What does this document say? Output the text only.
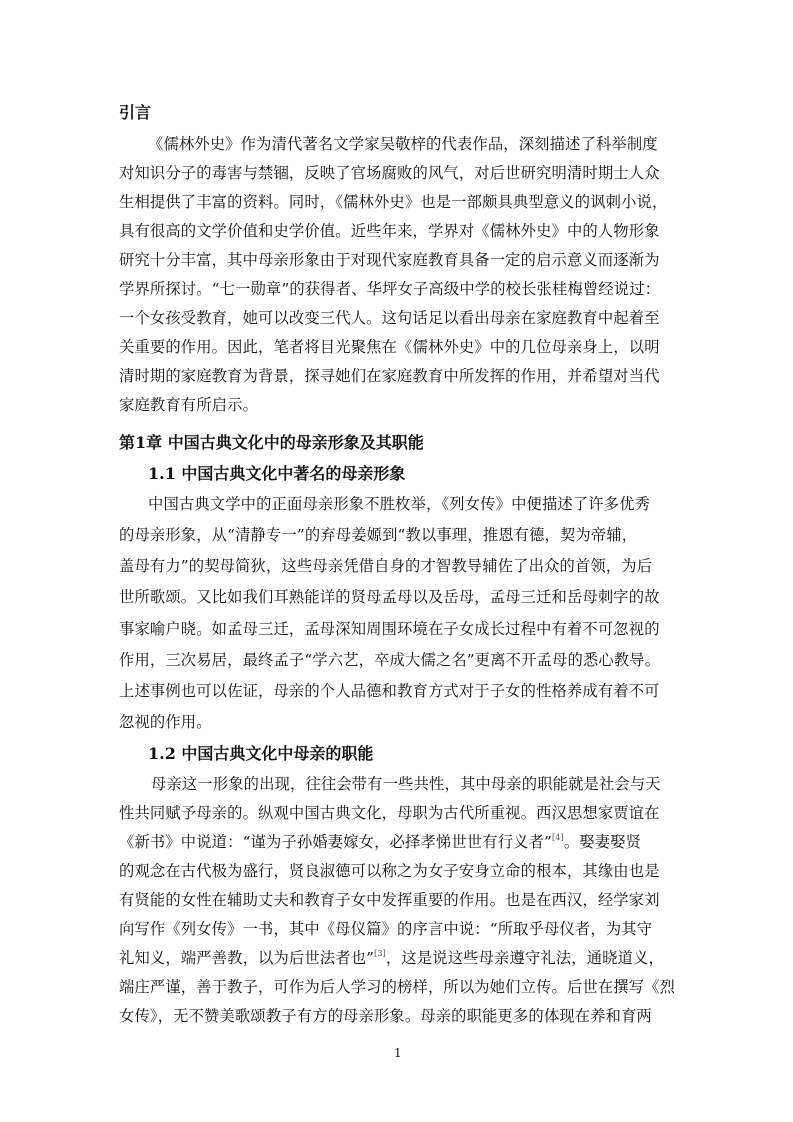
引言
《儒林外史》作为清代著名文学家吴敬梓的代表作品，深刻描述了科举制度
对知识分子的毒害与禁锢，反映了官场腐败的风气，对后世研究明清时期士人众
生相提供了丰富的资料。同时，《儒林外史》也是一部颇具典型意义的讽刺小说，
具有很高的文学价值和史学价值。近些年来，学界对《儒林外史》中的人物形象
研究十分丰富，其中母亲形象由于对现代家庭教育具备一定的启示意义而逐渐为
学界所探讨。“七一勋章”的获得者、华坪女子高级中学的校长张桂梅曾经说过：
一个女孩受教育，她可以改变三代人。这句话足以看出母亲在家庭教育中起着至
关重要的作用。因此，笔者将目光聚焦在《儒林外史》中的几位母亲身上，以明
清时期的家庭教育为背景，探寻她们在家庭教育中所发挥的作用，并希望对当代
家庭教育有所启示。
第1章 中国古典文化中的母亲形象及其职能
1.1 中国古典文化中著名的母亲形象
中国古典文学中的正面母亲形象不胜枚举，《列女传》中便描述了许多优秀
的母亲形象，从“清静专一”的弃母姜嫄到“教以事理，推恩有德，契为帝辅，
盖母有力”的契母简狄，这些母亲凭借自身的才智教导辅佐了出众的首领，为后
世所歌颂。又比如我们耳熟能详的贤母孟母以及岳母，孟母三迁和岳母刺字的故
事家喻户晓。如孟母三迁，孟母深知周围环境在子女成长过程中有着不可忽视的
作用，三次易居，最终孟子“学六艺，卒成大儒之名”更离不开孟母的悉心教导。
上述事例也可以佐证，母亲的个人品德和教育方式对于子女的性格养成有着不可
忽视的作用。
1.2 中国古典文化中母亲的职能
母亲这一形象的出现，往往会带有一些共性，其中母亲的职能就是社会与天
性共同赋予母亲的。纵观中国古典文化，母职为古代所重视。西汉思想家贾谊在
《新书》中说道：“谨为子孙婚妻嫁女，必择孝悌世世有行义者”[4]。娶妻娶贤
的观念在古代极为盛行，贤良淑德可以称之为女子安身立命的根本，其缘由也是
有贤能的女性在辅助丈夫和教育子女中发挥重要的作用。也是在西汉，经学家刘
向写作《列女传》一书，其中《母仪篇》的序言中说：“所取乎母仪者，为其守
礼知义，端严善教，以为后世法者也”[3]，这是说这些母亲遵守礼法，通晓道义，
端庄严谨，善于教子，可作为后人学习的榜样，所以为她们立传。后世在撰写《烈
女传》，无不赞美歌颂教子有方的母亲形象。母亲的职能更多的体现在养和育两
1
